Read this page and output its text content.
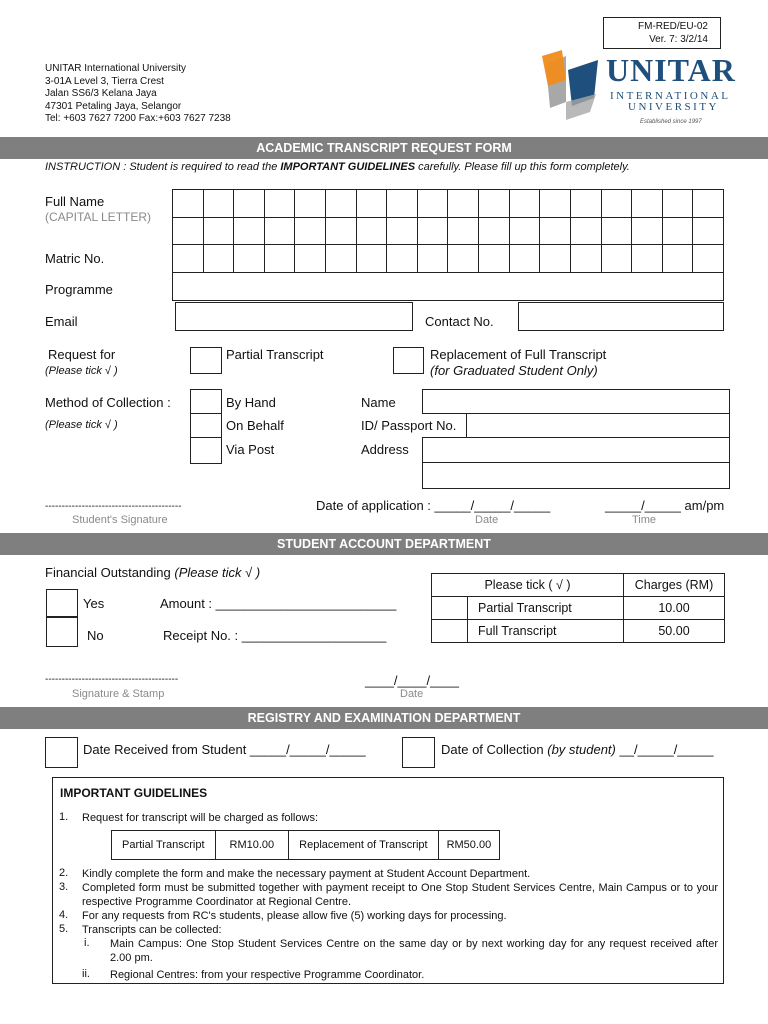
FM-RED/EU-02
Ver. 7: 3/2/14
UNITAR International University
3-01A Level 3, Tierra Crest
Jalan SS6/3 Kelana Jaya
47301 Petaling Jaya, Selangor
Tel: +603 7627 7200 Fax:+603 7627 7238
UNITAR
INTERNATIONAL
UNIVERSITY
Established since 1997
ACADEMIC TRANSCRIPT REQUEST FORM
INSTRUCTION : Student is required to read the IMPORTANT GUIDELINES carefully. Please fill up this form completely.
Full Name
(CAPITAL LETTER)
Matric No.
Programme
Email	Contact No.
Request for
(Please tick √ )
Partial Transcript	Replacement of Full Transcript
(for Graduated Student Only)
Method of Collection :
(Please tick √ )
By Hand
On Behalf
Via Post
Name
ID/ Passport No.
Address
-----------------------------------------
Student's Signature
Date of application : _____/_____/_____	_____/_____ am/pm
Date	Time
STUDENT ACCOUNT DEPARTMENT
Financial Outstanding (Please tick √ )
Yes
No
Amount : _________________________
Receipt No. : ____________________
Please tick ( √ )		Charges (RM)
	Partial Transcript	10.00
	Full Transcript	50.00
----------------------------------------
Signature & Stamp
____/____/____
Date
REGISTRY AND EXAMINATION DEPARTMENT
Date Received from Student _____/_____/_____	Date of Collection (by student) __/_____/_____
IMPORTANT GUIDELINES
1. Request for transcript will be charged as follows:
Partial Transcript	RM10.00	Replacement of Transcript	RM50.00
2. Kindly complete the form and make the necessary payment at Student Account Department.
3. Completed form must be submitted together with payment receipt to One Stop Student Services Centre, Main Campus or to your respective Programme Coordinator at Regional Centre.
4. For any requests from RC's students, please allow five (5) working days for processing.
5. Transcripts can be collected:
i. Main Campus: One Stop Student Services Centre on the same day or by next working day for any request received after 2.00 pm.
ii. Regional Centres: from your respective Programme Coordinator.
